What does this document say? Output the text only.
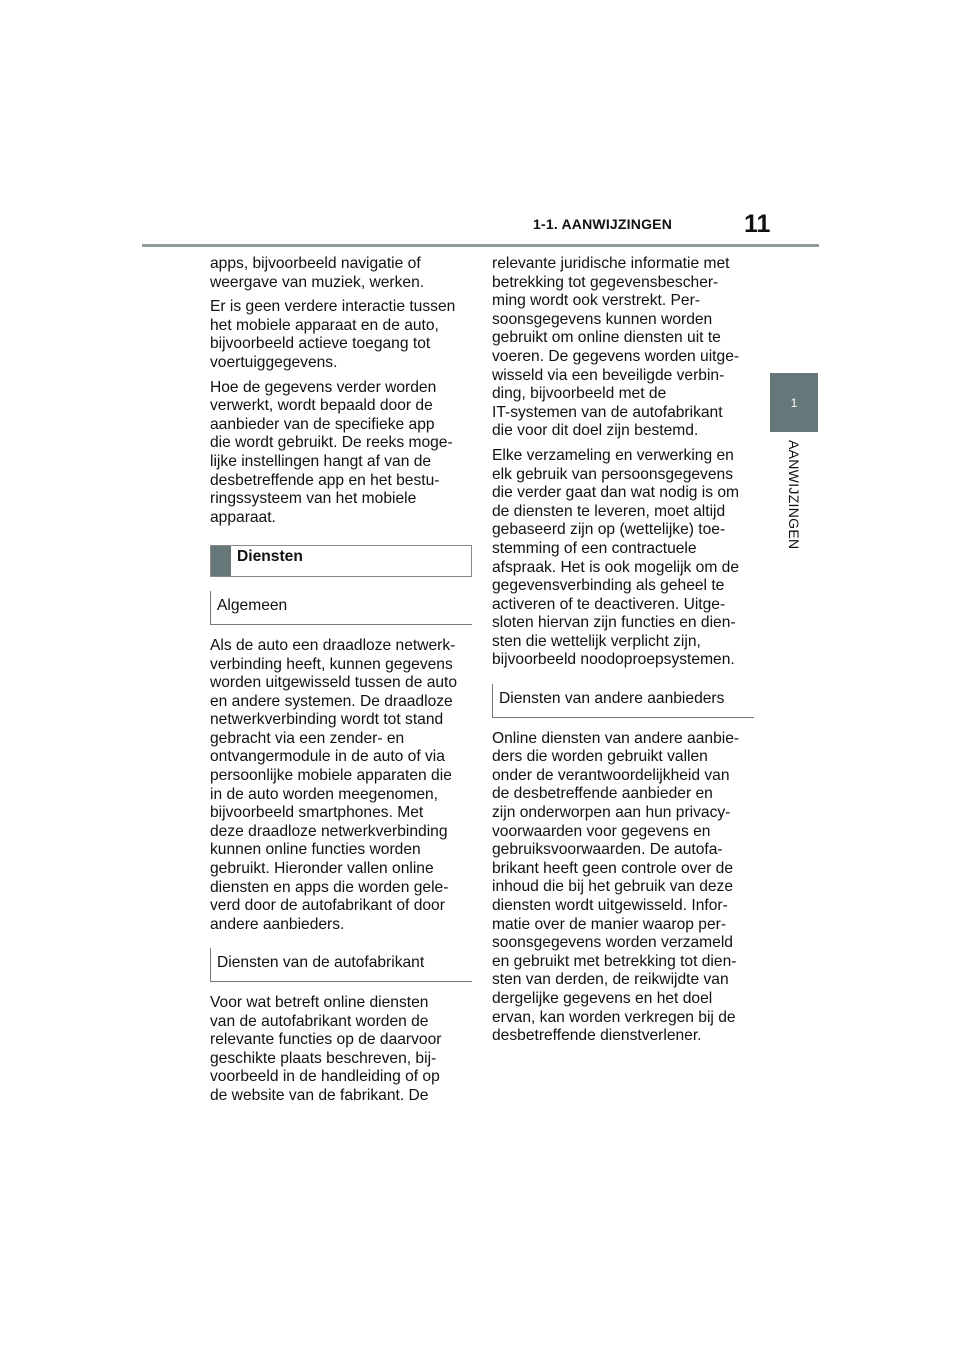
1-1. AANWIJZINGEN	11
1
AANWIJZINGEN

apps, bijvoorbeeld navigatie of
weergave van muziek, werken.

Er is geen verdere interactie tussen
het mobiele apparaat en de auto,
bijvoorbeeld actieve toegang tot
voertuiggegevens.

Hoe de gegevens verder worden
verwerkt, wordt bepaald door de
aanbieder van de specifieke app
die wordt gebruikt. De reeks moge-
lijke instellingen hangt af van de
desbetreffende app en het bestu-
ringssysteem van het mobiele
apparaat.

Diensten
Algemeen

Als de auto een draadloze netwerk-
verbinding heeft, kunnen gegevens
worden uitgewisseld tussen de auto
en andere systemen. De draadloze
netwerkverbinding wordt tot stand
gebracht via een zender- en
ontvangermodule in de auto of via
persoonlijke mobiele apparaten die
in de auto worden meegenomen,
bijvoorbeeld smartphones. Met
deze draadloze netwerkverbinding
kunnen online functies worden
gebruikt. Hieronder vallen online
diensten en apps die worden gele-
verd door de autofabrikant of door
andere aanbieders.

Diensten van de autofabrikant

Voor wat betreft online diensten
van de autofabrikant worden de
relevante functies op de daarvoor
geschikte plaats beschreven, bij-
voorbeeld in de handleiding of op
de website van de fabrikant. De

relevante juridische informatie met
betrekking tot gegevensbescher-
ming wordt ook verstrekt. Per-
soonsgegevens kunnen worden
gebruikt om online diensten uit te
voeren. De gegevens worden uitge-
wisseld via een beveiligde verbin-
ding, bijvoorbeeld met de
IT-systemen van de autofabrikant
die voor dit doel zijn bestemd.

Elke verzameling en verwerking en
elk gebruik van persoonsgegevens
die verder gaat dan wat nodig is om
de diensten te leveren, moet altijd
gebaseerd zijn op (wettelijke) toe-
stemming of een contractuele
afspraak. Het is ook mogelijk om de
gegevensverbinding als geheel te
activeren of te deactiveren. Uitge-
sloten hiervan zijn functies en dien-
sten die wettelijk verplicht zijn,
bijvoorbeeld noodoproepsystemen.

Diensten van andere aanbieders

Online diensten van andere aanbie-
ders die worden gebruikt vallen
onder de verantwoordelijkheid van
de desbetreffende aanbieder en
zijn onderworpen aan hun privacy-
voorwaarden voor gegevens en
gebruiksvoorwaarden. De autofa-
brikant heeft geen controle over de
inhoud die bij het gebruik van deze
diensten wordt uitgewisseld. Infor-
matie over de manier waarop per-
soonsgegevens worden verzameld
en gebruikt met betrekking tot dien-
sten van derden, de reikwijdte van
dergelijke gegevens en het doel
ervan, kan worden verkregen bij de
desbetreffende dienstverlener.
